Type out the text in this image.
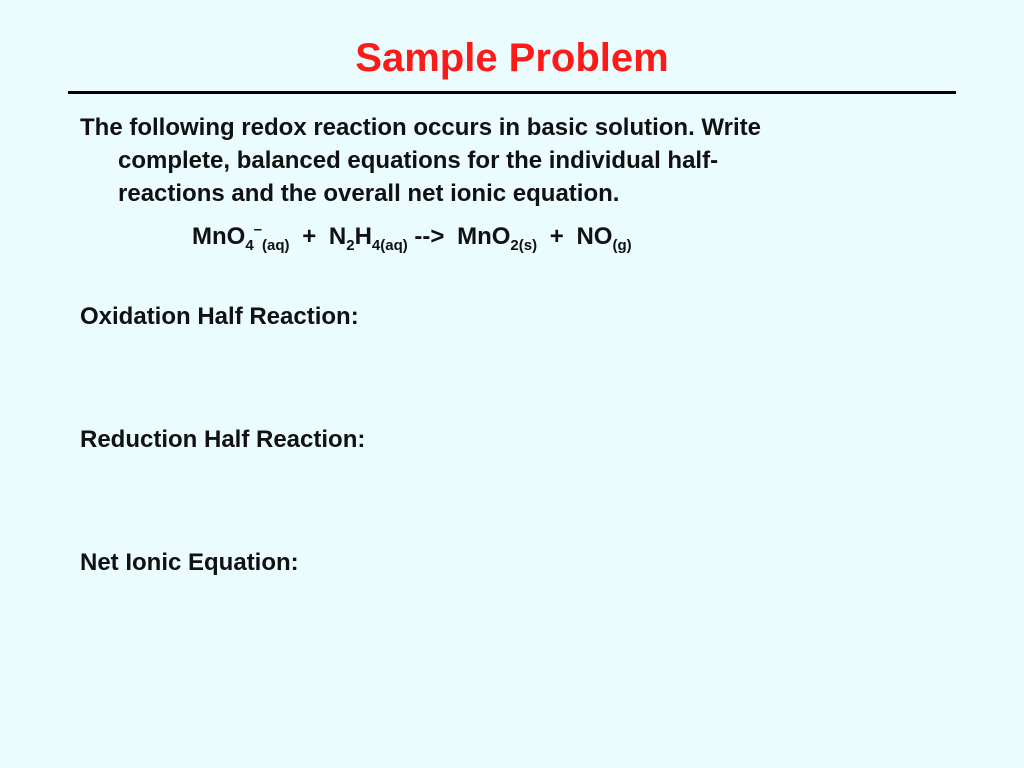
Sample Problem
The following redox reaction occurs in basic solution. Write
complete, balanced equations for the individual half-
reactions and the overall net ionic equation.
$MnO_4^-_{(aq)} + N_2H_{4(aq)}$ --> $MnO_{2(s)} + NO_{(g)}$
Oxidation Half Reaction:
Reduction Half Reaction:
Net Ionic Equation:
